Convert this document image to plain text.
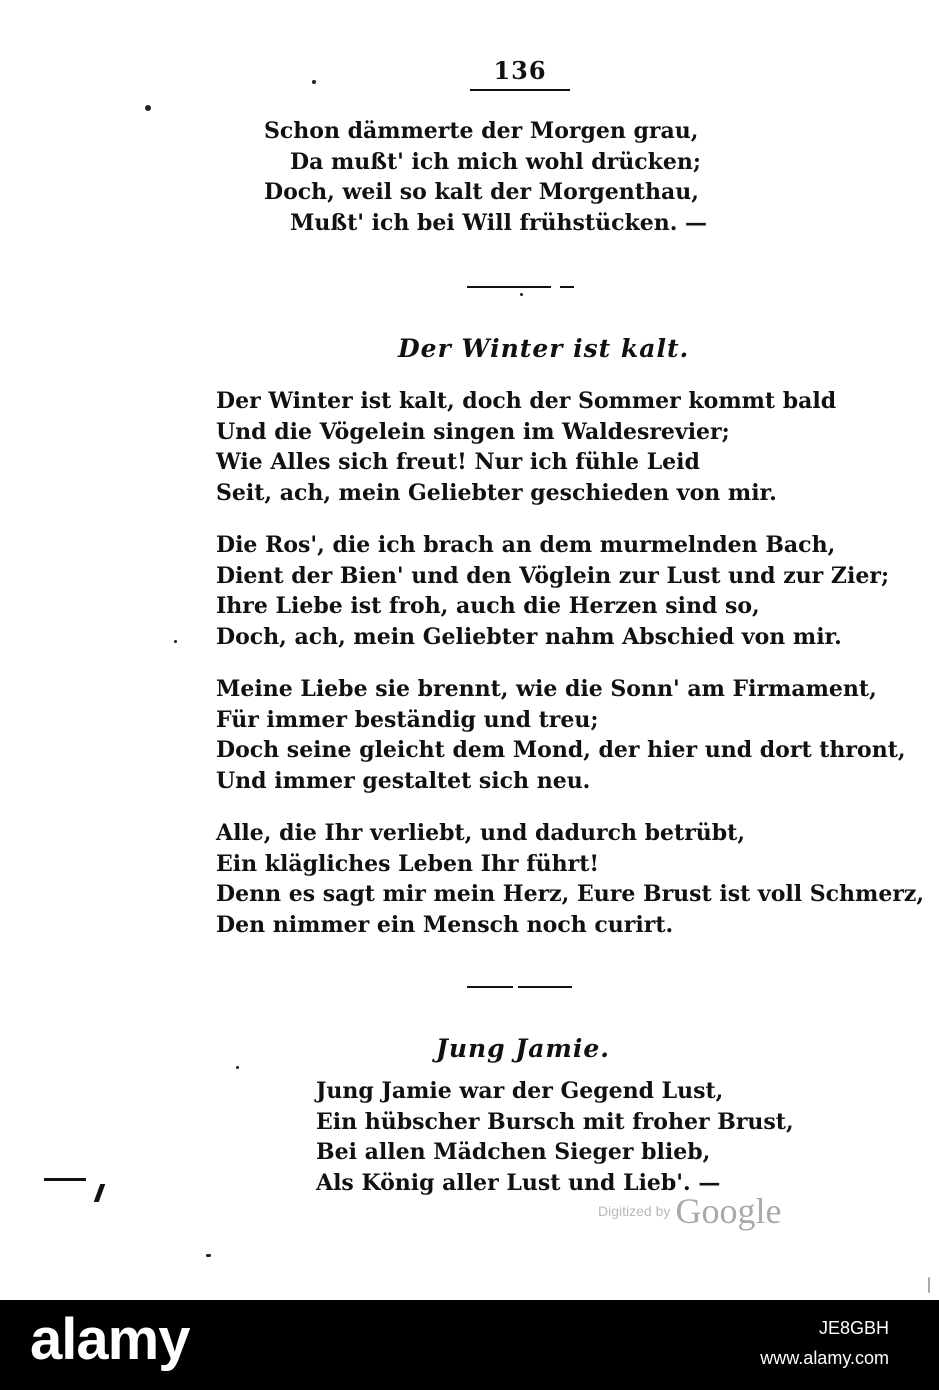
136
Schon dämmerte der Morgen grau,
Da mußt' ich mich wohl drücken;
Doch, weil so kalt der Morgenthau,
Mußt' ich bei Will frühstücken. —
Der Winter ist kalt.
Der Winter ist kalt, doch der Sommer kommt bald
Und die Vögelein singen im Waldesrevier;
Wie Alles sich freut! Nur ich fühle Leid
Seit, ach, mein Geliebter geschieden von mir.
Die Ros', die ich brach an dem murmelnden Bach,
Dient der Bien' und den Vöglein zur Lust und zur Zier;
Ihre Liebe ist froh, auch die Herzen sind so,
Doch, ach, mein Geliebter nahm Abschied von mir.
Meine Liebe sie brennt, wie die Sonn' am Firmament,
Für immer beständig und treu;
Doch seine gleicht dem Mond, der hier und dort thront,
Und immer gestaltet sich neu.
Alle, die Ihr verliebt, und dadurch betrübt,
Ein klägliches Leben Ihr führt!
Denn es sagt mir mein Herz, Eure Brust ist voll Schmerz,
Den nimmer ein Mensch noch curirt.
Jung Jamie.
Jung Jamie war der Gegend Lust,
Ein hübscher Bursch mit froher Brust,
Bei allen Mädchen Sieger blieb,
Als König aller Lust und Lieb'. —
Digitized by Google
alamy	JE8GBH
www.alamy.com
